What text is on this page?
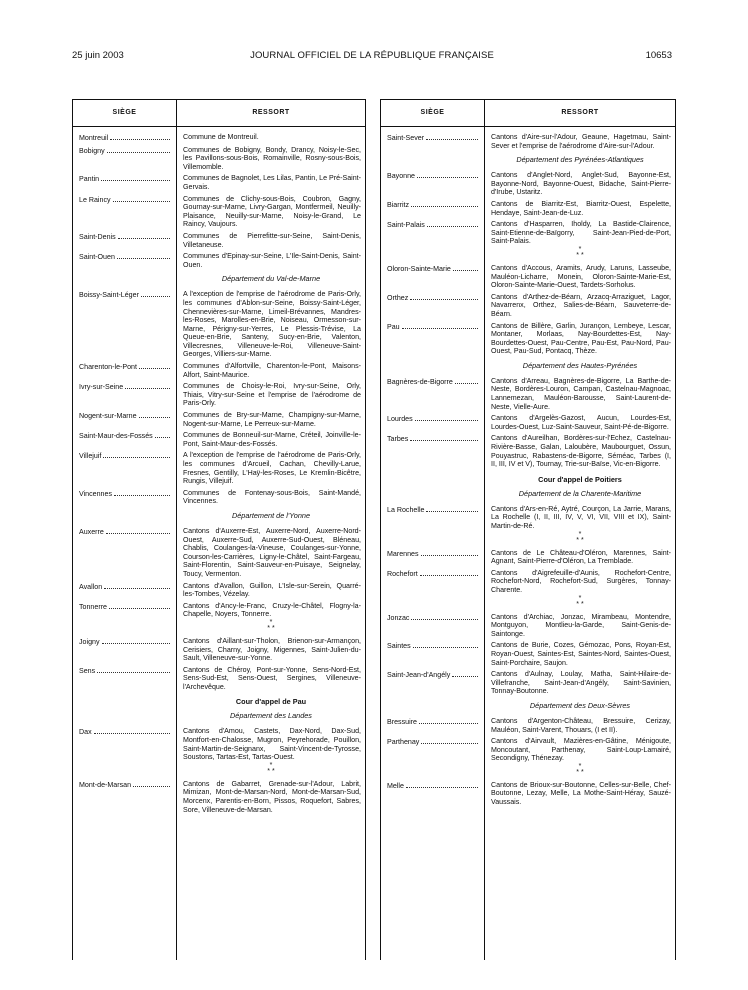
25 juin 2003	JOURNAL OFFICIEL DE LA RÉPUBLIQUE FRANÇAISE	10653
SIÈGE	RESSORT
Montreuil	Commune de Montreuil.
Bobigny	Communes de Bobigny, Bondy, Drancy, Noisy-le-Sec, les Pavillons-sous-Bois, Romainville, Rosny-sous-Bois, Villemomble.
Pantin	Communes de Bagnolet, Les Lilas, Pantin, Le Pré-Saint-Gervais.
Le Raincy	Communes de Clichy-sous-Bois, Coubron, Gagny, Gournay-sur-Marne, Livry-Gargan, Montfermeil, Neuilly-Plaisance, Neuilly-sur-Marne, Noisy-le-Grand, Le Raincy, Vaujours.
Saint-Denis	Communes de Pierrefitte-sur-Seine, Saint-Denis, Villetaneuse.
Saint-Ouen	Communes d'Epinay-sur-Seine, L'Ile-Saint-Denis, Saint-Ouen.
Département du Val-de-Marne
Boissy-Saint-Léger	A l'exception de l'emprise de l'aérodrome de Paris-Orly, les communes d'Ablon-sur-Seine, Boissy-Saint-Léger, Chennevières-sur-Marne, Limeil-Brévannes, Mandres-les-Roses, Marolles-en-Brie, Noiseau, Ormesson-sur-Marne, Périgny-sur-Yerres, Le Plessis-Trévise, La Queue-en-Brie, Santeny, Sucy-en-Brie, Valenton, Villecresnes, Villeneuve-le-Roi, Villeneuve-Saint-Georges, Villiers-sur-Marne.
Charenton-le-Pont	Communes d'Alfortville, Charenton-le-Pont, Maisons-Alfort, Saint-Maurice.
Ivry-sur-Seine	Communes de Choisy-le-Roi, Ivry-sur-Seine, Orly, Thiais, Vitry-sur-Seine et l'emprise de l'aérodrome de Paris-Orly.
Nogent-sur-Marne	Communes de Bry-sur-Marne, Champigny-sur-Marne, Nogent-sur-Marne, Le Perreux-sur-Marne.
Saint-Maur-des-Fossés	Communes de Bonneuil-sur-Marne, Créteil, Joinville-le-Pont, Saint-Maur-des-Fossés.
Villejuif	A l'exception de l'emprise de l'aérodrome de Paris-Orly, les communes d'Arcueil, Cachan, Chevilly-Larue, Fresnes, Gentilly, L'Haÿ-les-Roses, Le Kremlin-Bicêtre, Rungis, Villejuif.
Vincennes	Communes de Fontenay-sous-Bois, Saint-Mandé, Vincennes.
Département de l'Yonne
Auxerre	Cantons d'Auxerre-Est, Auxerre-Nord, Auxerre-Nord-Ouest, Auxerre-Sud, Auxerre-Sud-Ouest, Bléneau, Chablis, Coulanges-la-Vineuse, Coulanges-sur-Yonne, Courson-les-Carrières, Ligny-le-Châtel, Saint-Fargeau, Saint-Florentin, Saint-Sauveur-en-Puisaye, Seignelay, Toucy, Vermenton.
Avallon	Cantons d'Avallon, Guillon, L'Isle-sur-Serein, Quarré-les-Tombes, Vézelay.
Tonnerre	Cantons d'Ancy-le-Franc, Cruzy-le-Châtel, Flogny-la-Chapelle, Noyers, Tonnerre.
*
* *
Joigny	Cantons d'Aillant-sur-Tholon, Brienon-sur-Armançon, Cerisiers, Charny, Joigny, Migennes, Saint-Julien-du-Sault, Villeneuve-sur-Yonne.
Sens	Cantons de Chéroy, Pont-sur-Yonne, Sens-Nord-Est, Sens-Sud-Est, Sens-Ouest, Sergines, Villeneuve-l'Archevêque.
Cour d'appel de Pau
Département des Landes
Dax	Cantons d'Amou, Castets, Dax-Nord, Dax-Sud, Montfort-en-Chalosse, Mugron, Peyrehorade, Pouillon, Saint-Martin-de-Seignanx, Saint-Vincent-de-Tyrosse, Soustons, Tartas-Est, Tartas-Ouest.
*
* *
Mont-de-Marsan	Cantons de Gabarret, Grenade-sur-l'Adour, Labrit, Mimizan, Mont-de-Marsan-Nord, Mont-de-Marsan-Sud, Morcenx, Parentis-en-Born, Pissos, Roquefort, Sabres, Sore, Villeneuve-de-Marsan.
SIÈGE	RESSORT
Saint-Sever	Cantons d'Aire-sur-l'Adour, Geaune, Hagetmau, Saint-Sever et l'emprise de l'aérodrome d'Aire-sur-l'Adour.
Département des Pyrénées-Atlantiques
Bayonne	Cantons d'Anglet-Nord, Anglet-Sud, Bayonne-Est, Bayonne-Nord, Bayonne-Ouest, Bidache, Saint-Pierre-d'Irube, Ustaritz.
Biarritz	Cantons de Biarritz-Est, Biarritz-Ouest, Espelette, Hendaye, Saint-Jean-de-Luz.
Saint-Palais	Cantons d'Hasparren, Iholdy, La Bastide-Clairence, Saint-Etienne-de-Baïgorry, Saint-Jean-Pied-de-Port, Saint-Palais.
*
* *
Oloron-Sainte-Marie	Cantons d'Accous, Aramits, Arudy, Laruns, Lasseube, Mauléon-Licharre, Monein, Oloron-Sainte-Marie-Est, Oloron-Sainte-Marie-Ouest, Tardets-Sorholus.
Orthez	Cantons d'Arthez-de-Béarn, Arzacq-Arraziguet, Lagor, Navarrenx, Orthez, Salies-de-Béarn, Sauveterre-de-Béarn.
Pau	Cantons de Billère, Garlin, Jurançon, Lembeye, Lescar, Montaner, Morlaas, Nay-Bourdettes-Est, Nay-Bourdettes-Ouest, Pau-Centre, Pau-Est, Pau-Nord, Pau-Ouest, Pau-Sud, Pontacq, Thèze.
Département des Hautes-Pyrénées
Bagnères-de-Bigorre	Cantons d'Arreau, Bagnères-de-Bigorre, La Barthe-de-Neste, Bordères-Louron, Campan, Castelnau-Magnoac, Lannemezan, Mauléon-Barousse, Saint-Laurent-de-Neste, Vielle-Aure.
Lourdes	Cantons d'Argelès-Gazost, Aucun, Lourdes-Est, Lourdes-Ouest, Luz-Saint-Sauveur, Saint-Pé-de-Bigorre.
Tarbes	Cantons d'Aureilhan, Bordères-sur-l'Echez, Castelnau-Rivière-Basse, Galan, Laloubère, Maubourguet, Ossun, Pouyastruc, Rabastens-de-Bigorre, Séméac, Tarbes (I, II, III, IV et V), Tournay, Trie-sur-Baïse, Vic-en-Bigorre.
Cour d'appel de Poitiers
Département de la Charente-Maritime
La Rochelle	Cantons d'Ars-en-Ré, Aytré, Courçon, La Jarrie, Marans, La Rochelle (I, II, III, IV, V, VI, VII, VIII et IX), Saint-Martin-de-Ré.
*
* *
Marennes	Cantons de Le Château-d'Oléron, Marennes, Saint-Agnant, Saint-Pierre-d'Oléron, La Tremblade.
Rochefort	Cantons d'Aigrefeuille-d'Aunis, Rochefort-Centre, Rochefort-Nord, Rochefort-Sud, Surgères, Tonnay-Charente.
*
* *
Jonzac	Cantons d'Archiac, Jonzac, Mirambeau, Montendre, Montguyon, Montlieu-la-Garde, Saint-Genis-de-Saintonge.
Saintes	Cantons de Burie, Cozes, Gémozac, Pons, Royan-Est, Royan-Ouest, Saintes-Est, Saintes-Nord, Saintes-Ouest, Saint-Porchaire, Saujon.
Saint-Jean-d'Angély	Cantons d'Aulnay, Loulay, Matha, Saint-Hilaire-de-Villefranche, Saint-Jean-d'Angély, Saint-Savinien, Tonnay-Boutonne.
Département des Deux-Sèvres
Bressuire	Cantons d'Argenton-Château, Bressuire, Cerizay, Mauléon, Saint-Varent, Thouars, (I et II).
Parthenay	Cantons d'Airvault, Mazières-en-Gâtine, Ménigoute, Moncoutant, Parthenay, Saint-Loup-Lamairé, Secondigny, Thénezay.
*
* *
Melle	Cantons de Brioux-sur-Boutonne, Celles-sur-Belle, Chef-Boutonne, Lezay, Melle, La Mothe-Saint-Héray, Sauzé-Vaussais.
